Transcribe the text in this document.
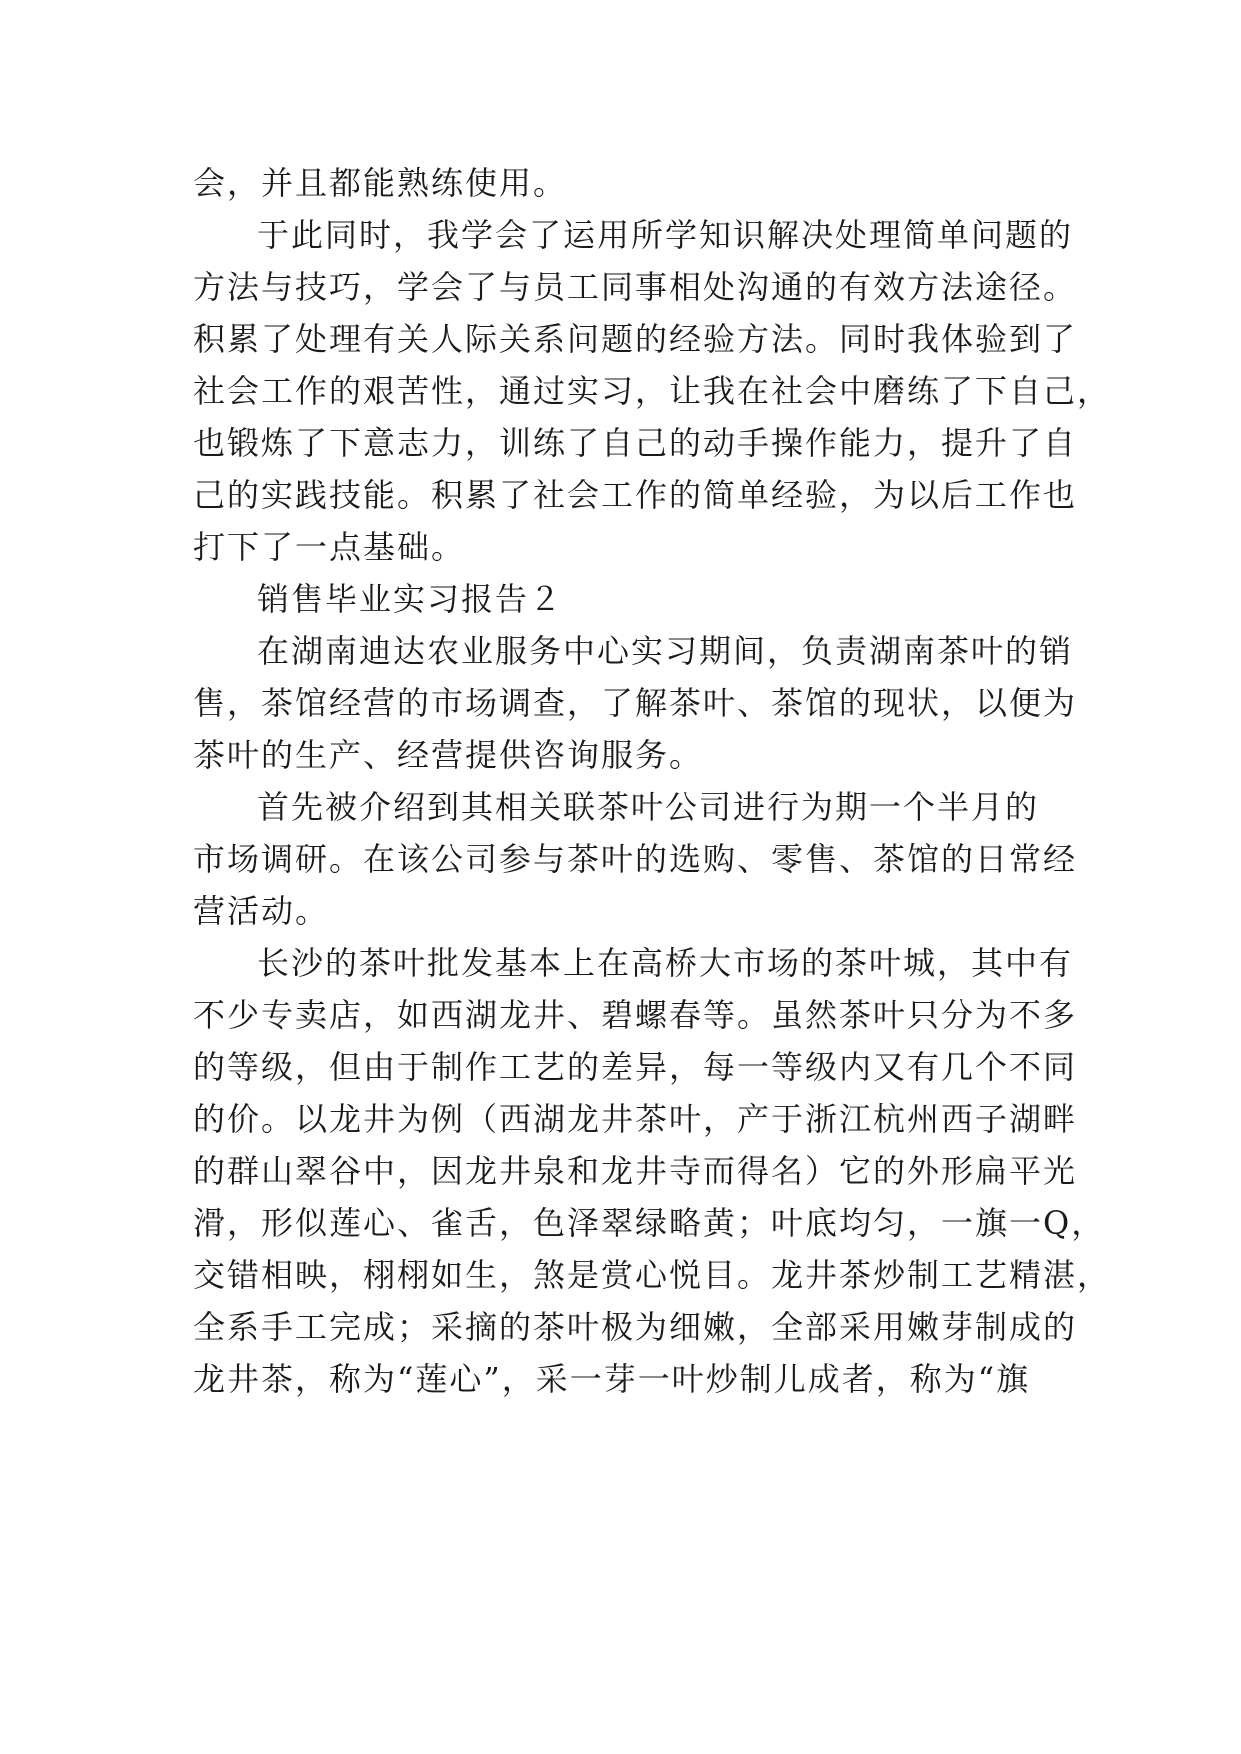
会，并且都能熟练使用。
于此同时，我学会了运用所学知识解决处理简单问题的
方法与技巧，学会了与员工同事相处沟通的有效方法途径。
积累了处理有关人际关系问题的经验方法。同时我体验到了
社会工作的艰苦性，通过实习，让我在社会中磨练了下自己，
也锻炼了下意志力，训练了自己的动手操作能力，提升了自
己的实践技能。积累了社会工作的简单经验，为以后工作也
打下了一点基础。
销售毕业实习报告２
在湖南迪达农业服务中心实习期间，负责湖南茶叶的销
售，茶馆经营的市场调查，了解茶叶、茶馆的现状，以便为
茶叶的生产、经营提供咨询服务。
首先被介绍到其相关联茶叶公司进行为期一个半月的
市场调研。在该公司参与茶叶的选购、零售、茶馆的日常经
营活动。
长沙的茶叶批发基本上在高桥大市场的茶叶城，其中有
不少专卖店，如西湖龙井、碧螺春等。虽然茶叶只分为不多
的等级，但由于制作工艺的差异，每一等级内又有几个不同
的价。以龙井为例（西湖龙井茶叶，产于浙江杭州西子湖畔
的群山翠谷中，因龙井泉和龙井寺而得名）它的外形扁平光
滑，形似莲心、雀舌，色泽翠绿略黄；叶底均匀，一旗一Q，
交错相映，栩栩如生，煞是赏心悦目。龙井茶炒制工艺精湛，
全系手工完成；采摘的茶叶极为细嫩，全部采用嫩芽制成的
龙井茶，称为“莲心”，采一芽一叶炒制儿成者，称为“旗
